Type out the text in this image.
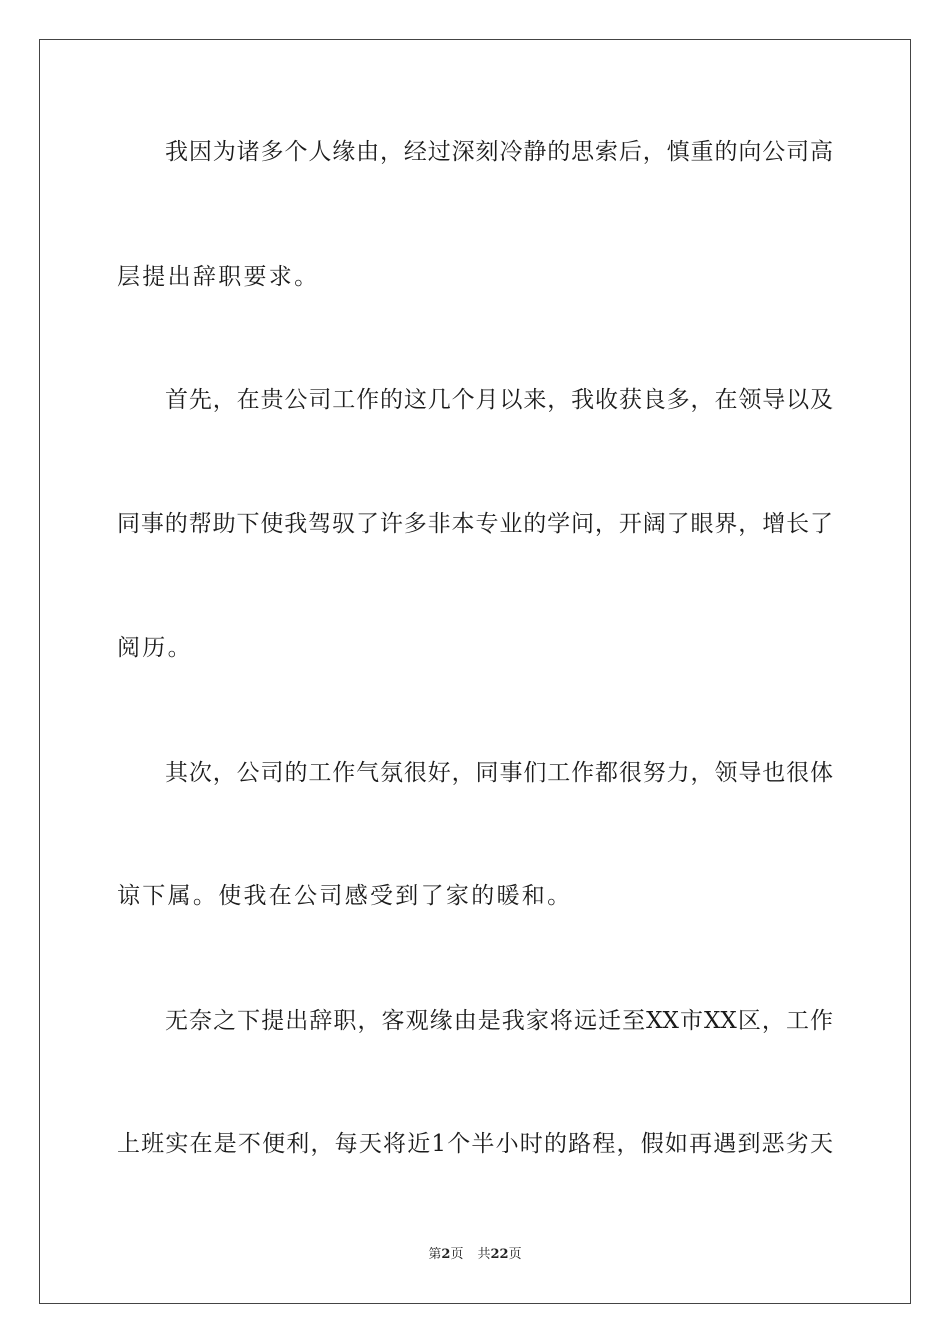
我因为诸多个人缘由，经过深刻冷静的思索后，慎重的向公司高
层提出辞职要求。
首先，在贵公司工作的这几个月以来，我收获良多，在领导以及
同事的帮助下使我驾驭了许多非本专业的学问，开阔了眼界，增长了
阅历。
其次，公司的工作气氛很好，同事们工作都很努力，领导也很体
谅下属。使我在公司感受到了家的暖和。
无奈之下提出辞职，客观缘由是我家将远迁至XX市XX区，工作
上班实在是不便利，每天将近1个半小时的路程，假如再遇到恶劣天
第2页 共22页
